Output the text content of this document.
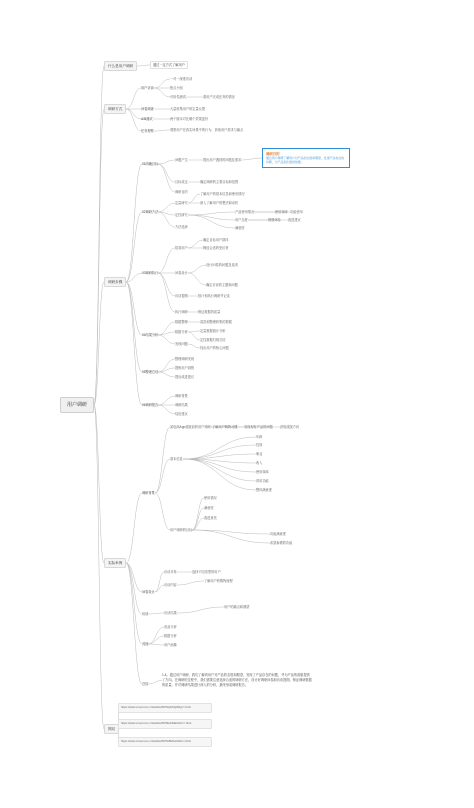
用户调研
什么是用户调研
调研方式
调研步骤
实际举例
网站
通过一定方式了解用户
用户访谈
问卷调查
A/B测试
任务观察
一对一深度访谈
焦点小组
可用性测试	看用户完成任务的情况
大量收集用户的定量反馈
两个版本对比哪个效果更好
观察用户在真实场景中的行为，获取用户需求与痛点
01明确目标
02调研方法
03调研执行
04结果分析
05整理总结
06调研报告
问题产生
目标设定
调研目的
提出用户遇到的问题及需求
确定调研的主要目标和范围
调研目的
通过用户调研了解用户对产品的态度和期望，发现产品存在的问题，为产品优化提供依据。
定量研究
定性研究
方法选择
了解用户的基本信息和使用情况
深入了解用户的想法和动机
产品使用情况
用户态度
满意度
使用频率 功能使用
情感体验 改进建议
招募用户
问卷设计
访谈提纲
执行调研
确定目标用户群体
筛选合适的受访者
设计问卷的问题及选项
确定访谈的主题和问题
按计划执行调研并记录
保证数据的质量
数据整理
数据分析
发现问题
清洗和整理收集的数据
定量数据统计分析
定性数据归纳总结
找出用户的核心问题
整理调研发现
提炼用户洞察
提出改进建议
调研背景
调研结果
结论建议
调研背景
问卷设计
访谈
其他
总结
某电商App改版前的用户调研
用户调研的目标
了解用户购物习惯 发现现有产品的问题 获取改版方向
基本信息
使用情况
满意度
改进意见
年龄
性别
职业
收入
使用频率
常用功能
整体满意度
功能满意度
希望新增的功能
访谈对象
访谈内容
访谈结果
选择不同类型的用户
了解用户的购物流程
用户的痛点和期望
竞品分析
数据分析
用户画像
1.4。通过用户调研，我们了解到用户对产品的态度和期望，发现了产品存在的问题，并为产品的改版提供了方向。在调研的过程中，我们需要注意选择合适的调研方法，设计好调研问卷和访谈提纲，保证调研数据的质量，并对调研结果进行深入的分析，最终形成调研报告。
https://www.zcool.com.cn/article/ZMTAyMzQ0Mg==.html
https://www.zcool.com.cn/article/ZMTExNDE2OA==.html
https://www.zcool.com.cn/article/ZMTA5MzAxMA==.html
